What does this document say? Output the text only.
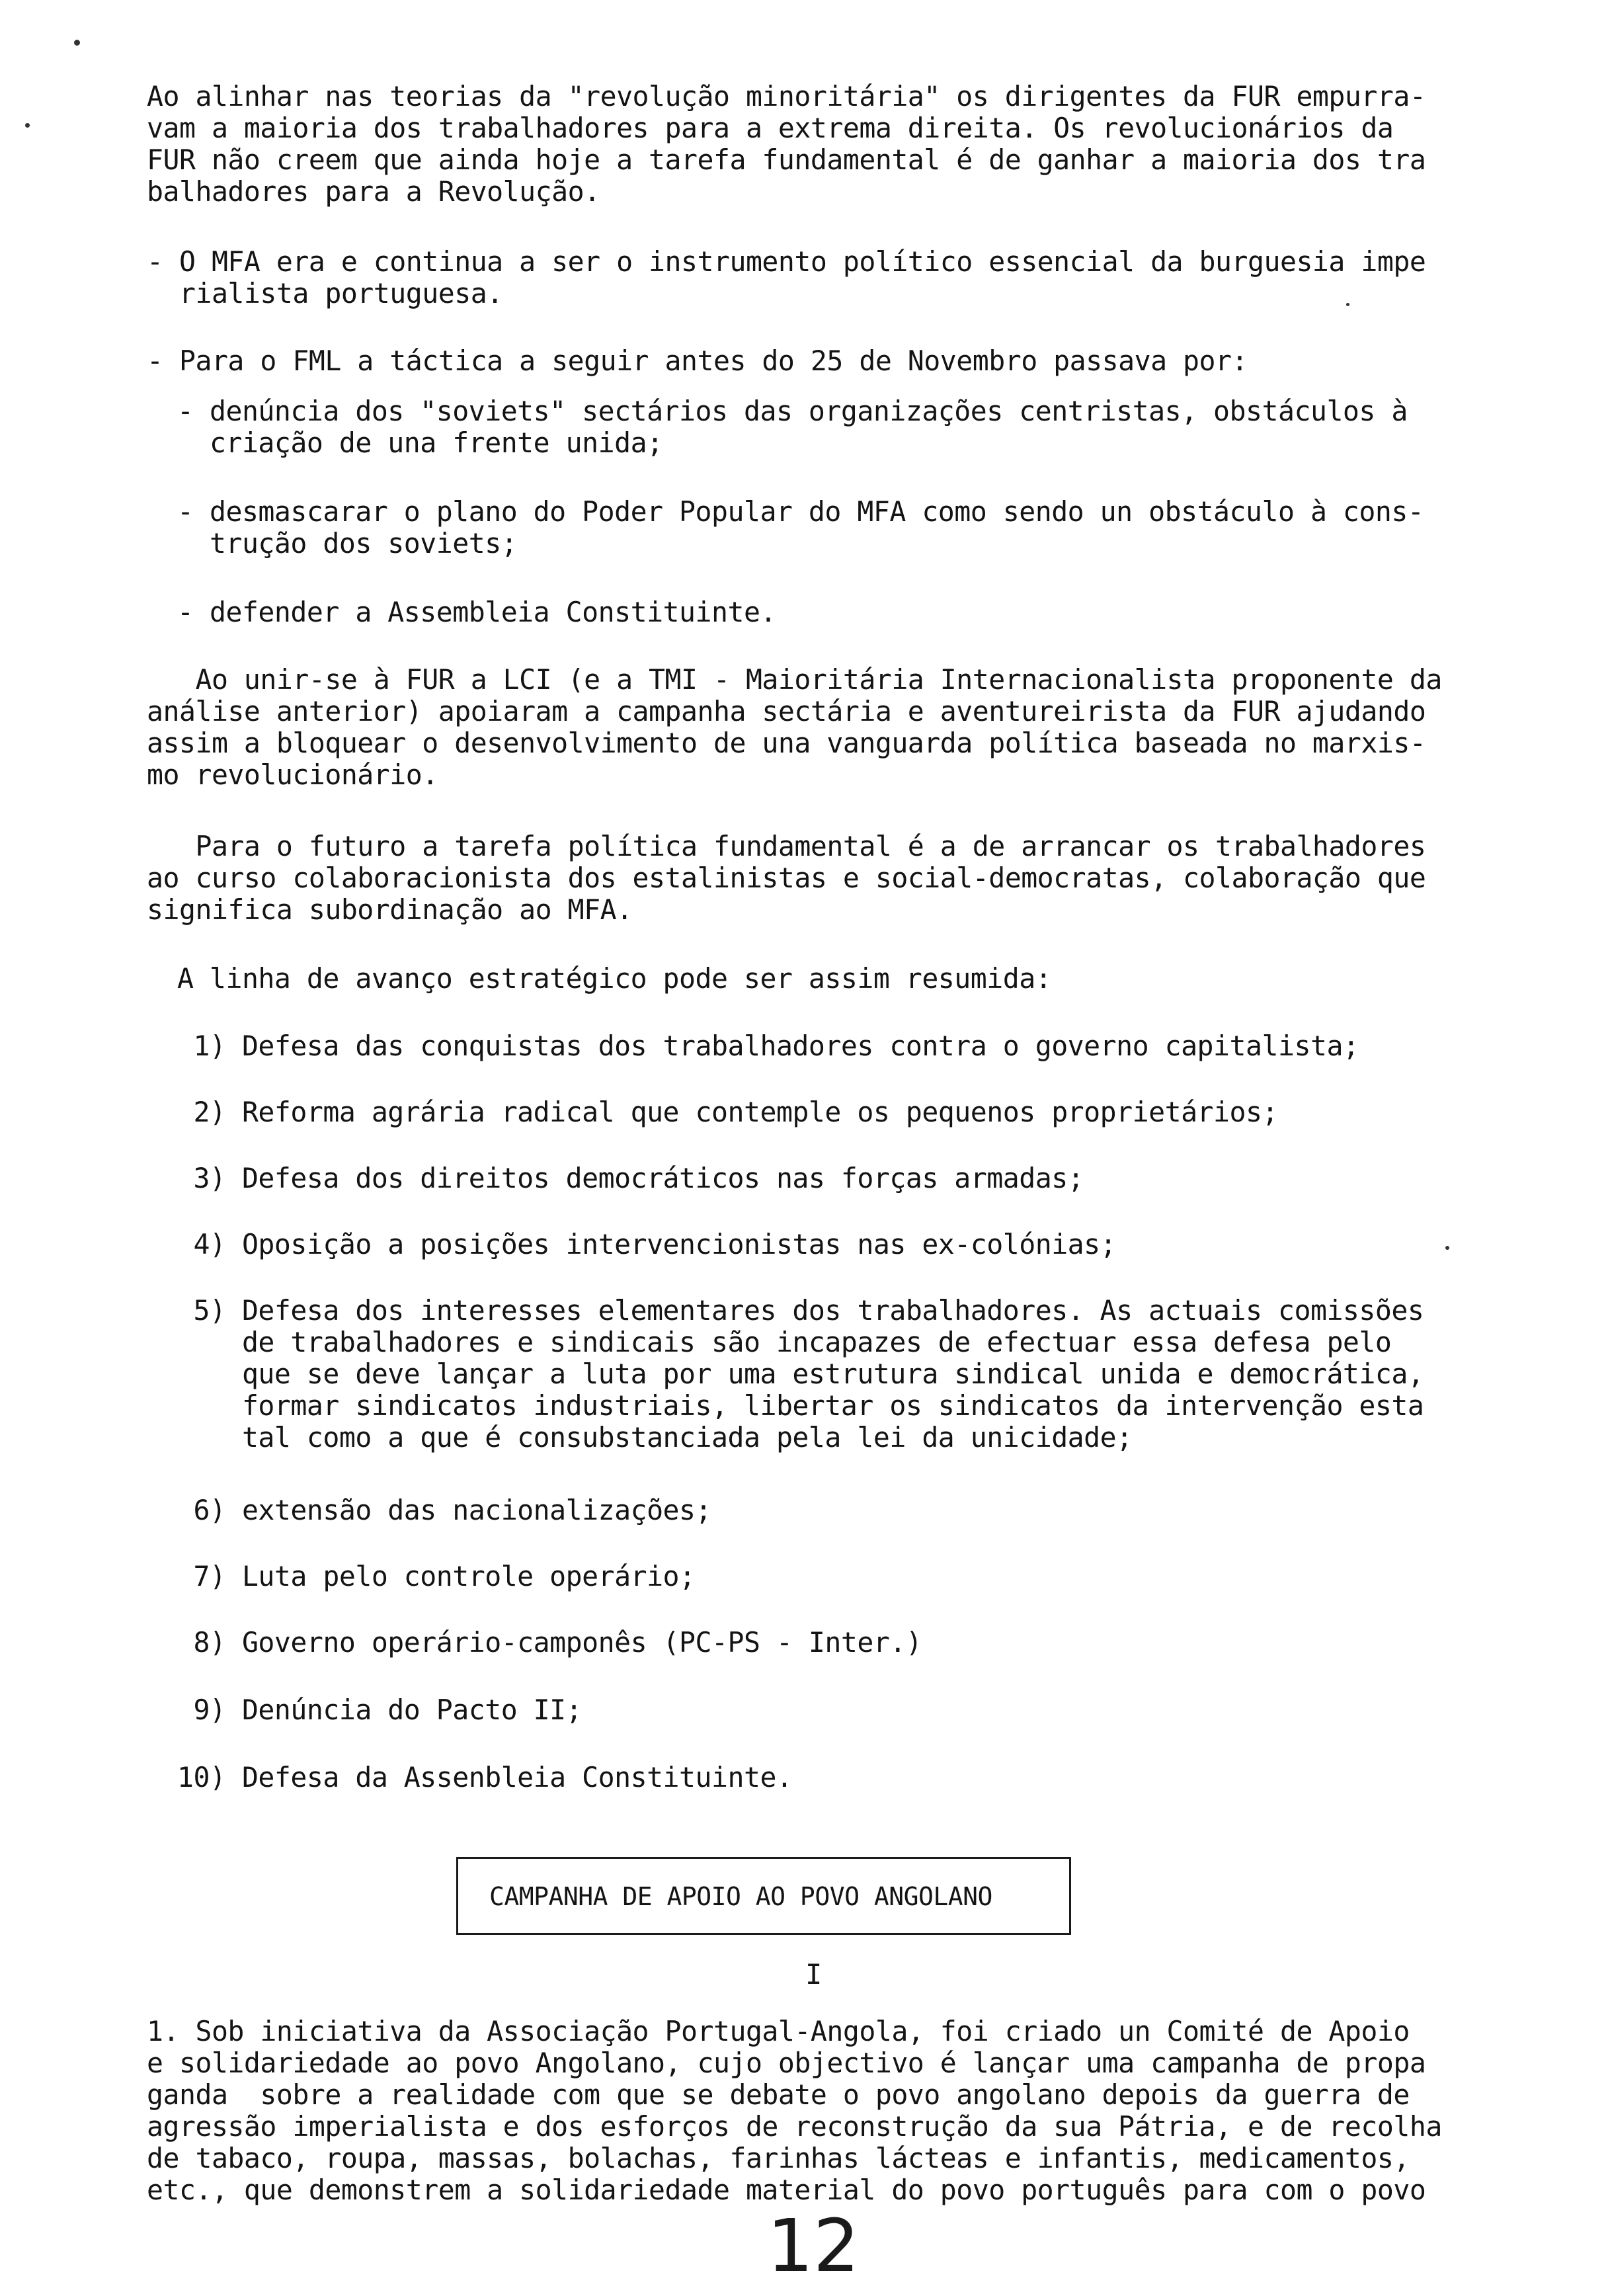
Ao alinhar nas teorias da "revolução minoritária" os dirigentes da FUR empurra-
vam a maioria dos trabalhadores para a extrema direita. Os revolucionários da
FUR não creem que ainda hoje a tarefa fundamental é de ganhar a maioria dos tra
balhadores para a Revolução.
- O MFA era e continua a ser o instrumento político essencial da burguesia impe
rialista portuguesa.
- Para o FML a táctica a seguir antes do 25 de Novembro passava por:
- denúncia dos "soviets" sectários das organizações centristas, obstáculos à
criação de una frente unida;
- desmascarar o plano do Poder Popular do MFA como sendo un obstáculo à cons-
trução dos soviets;
- defender a Assembleia Constituinte.
Ao unir-se à FUR a LCI (e a TMI - Maioritária Internacionalista proponente da
análise anterior) apoiaram a campanha sectária e aventureirista da FUR ajudando
assim a bloquear o desenvolvimento de una vanguarda política baseada no marxis-
mo revolucionário.
Para o futuro a tarefa política fundamental é a de arrancar os trabalhadores
ao curso colaboracionista dos estalinistas e social-democratas, colaboração que
significa subordinação ao MFA.
A linha de avanço estratégico pode ser assim resumida:
1) Defesa das conquistas dos trabalhadores contra o governo capitalista;
2) Reforma agrária radical que contemple os pequenos proprietários;
3) Defesa dos direitos democráticos nas forças armadas;
4) Oposição a posições intervencionistas nas ex-colónias;
5) Defesa dos interesses elementares dos trabalhadores. As actuais comissões
de trabalhadores e sindicais são incapazes de efectuar essa defesa pelo
que se deve lançar a luta por uma estrutura sindical unida e democrática,
formar sindicatos industriais, libertar os sindicatos da intervenção esta
tal como a que é consubstanciada pela lei da unicidade;
6) extensão das nacionalizações;
7) Luta pelo controle operário;
8) Governo operário-camponês (PC-PS - Inter.)
9) Denúncia do Pacto II;
10) Defesa da Assenbleia Constituinte.
CAMPANHA DE APOIO AO POVO ANGOLANO
I
1. Sob iniciativa da Associação Portugal-Angola, foi criado un Comité de Apoio
e solidariedade ao povo Angolano, cujo objectivo é lançar uma campanha de propa
ganda  sobre a realidade com que se debate o povo angolano depois da guerra de
agressão imperialista e dos esforços de reconstrução da sua Pátria, e de recolha
de tabaco, roupa, massas, bolachas, farinhas lácteas e infantis, medicamentos,
etc., que demonstrem a solidariedade material do povo português para com o povo
12
